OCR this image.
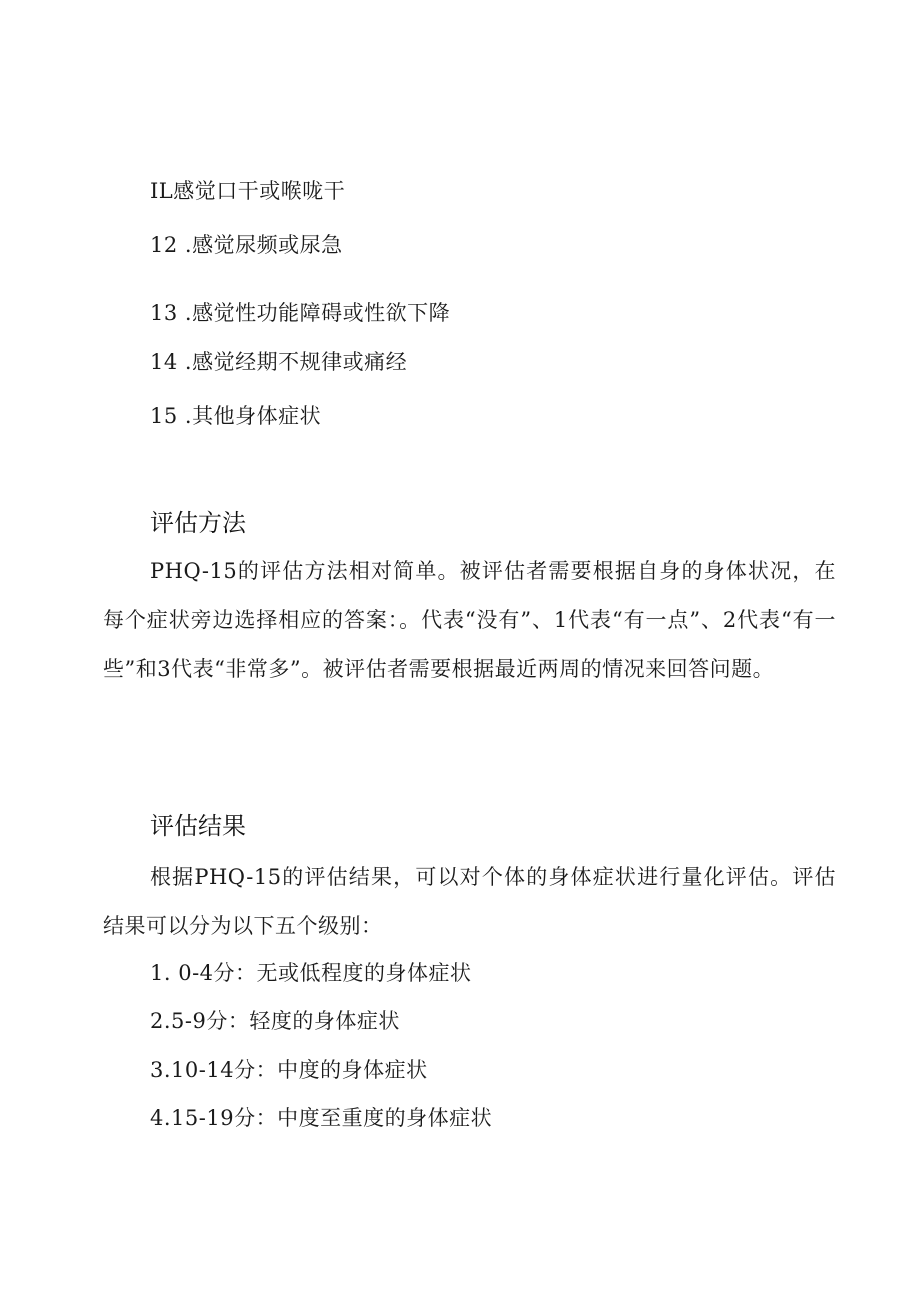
IL感觉口干或喉咙干
12 .感觉尿频或尿急
13 .感觉性功能障碍或性欲下降
14 .感觉经期不规律或痛经
15 .其他身体症状
评估方法
PHQ-15的评估方法相对简单。被评估者需要根据自身的身体状况，在每个症状旁边选择相应的答案：。代表“没有”、1代表“有一点”、2代表“有一些”和3代表“非常多”。被评估者需要根据最近两周的情况来回答问题。
评估结果
根据PHQ-15的评估结果，可以对个体的身体症状进行量化评估。评估结果可以分为以下五个级别：
1. 0-4分：无或低程度的身体症状
2.5-9分：轻度的身体症状
3.10-14分：中度的身体症状
4.15-19分：中度至重度的身体症状
